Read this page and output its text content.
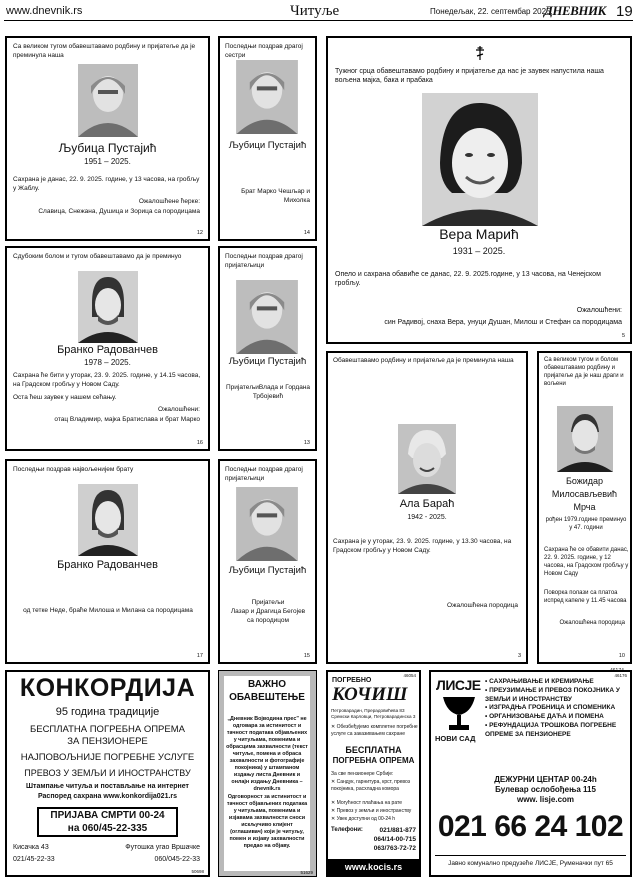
www.dnevnik.rs	Читуље	Понедељак, 22. септембар 2025.
ДНЕВНИК 19
Са великом тугом обавештавамо родбину и пријатеље да је преминула наша
Љубица Пустајић
1951 – 2025.
Сахрана је данас, 22. 9. 2025. године, у 13 часова, на гробљу у Жаблу.
Ожалошћене ћерке:
Славица, Снежана, Душица и Зорица са породицама
12
Последњи поздрав драгој сестри
Љубици Пустајић
Брат Марко Чешљар и Михолка
14
Тужног срца обавештавамо родбину и пријатеље да нас је заувек напустила наша вољена мајка, бака и прабака
Вера Марић
1931 – 2025.
Опело и сахрана обавиће се данас, 22. 9. 2025.године, у 13 часова, на Ченејском гробљу.
Ожалошћени:
син Радивој, снаха Вера, унуци Душан, Милош и Стефан са породицама
5
Сдубоким болом и тугом обавештавамо да је преминуо
Бранко Радованчев
1978 – 2025.
Сахрана ће бити у уторак, 23. 9. 2025. године, у 14.15 часова, на Градском гробљу у Новом Саду.
Оста ћеш заувек у нашем сећању.
Ожалошћени:
отац Владимир, мајка Братислава и брат Марко
16
Последњи поздрав драгој пријатељици
Љубици Пустајић
ПријатељиВлада и Гордана Трбојевић
13
Обавештавамо родбину и пријатеље да је преминула наша
Ала Бараћ
1942 - 2025.
Сахрана је у уторак, 23. 9. 2025. године, у 13.30 часова, на Градском гробљу у Новом Саду.
Ожалошћена породица
3
Са великом тугом и болом обавештавамо родбину и пријатеље да је наш драги и вољени
Божидар
Милосављевић
Мрча
рођен 1979.године преминуо у 47. години
Сахрана ће се обавити данас, 22. 9. 2025. године, у 12 часова, на Градском гробљу у Новом Саду
Поворка полази са платоа испред капеле у 11.45 часова
Ожалошћена породица
10
Последњи поздрав највољенијем брату
Бранко Радованчев
од тетке Неде, браће Милоша и Милана са породицама
17
Последњи поздрав драгој пријатељици
Љубици Пустајић
Пријатељи
Лазар и Драгица Бегојев са породицом
15
КОНКОРДИЈА
95 година традиције
БЕСПЛАТНА ПОГРЕБНА ОПРЕМА
ЗА ПЕНЗИОНЕРЕ
НАЈПОВОЉНИЈЕ ПОГРЕБНЕ УСЛУГЕ
ПРЕВОЗ У ЗЕМЉИ И ИНОСТРАНСТВУ
Штампање читуља и постављање на интернет
Распоред сахрана www.konkordija021.rs
ПРИЈАВА СМРТИ 00-24
на 060/45-22-335
Кисачка 43	Футошка угао Вршачке
021/45-22-33	060/045-22-33
50698
ВАЖНО
ОБАВЕШТЕЊЕ
„Дневник Војводина прес" не одговара за истинитост и тачност података објављених у читуљама, поменима и обрасцима захвалности (текст читуље, помена и обраса захвалности и фотографије покојника) у штампаном издању листа Дневник и онлајн издању Дневника – dnevnik.rs
Одговорност за истинитост и тачност објављених података у читуљама, поменима и изјавама захвалности сноси искључиво клијент (оглашивач) који је читуљу, помен и изјаву захвалности предао на објаву.
51629
46054
ПОГРЕБНО
КОЧИШ
Петроварадин, Прерадовићева 83 Сремски Карловци, Петроварадинска 3
✕ Обезбеђујемо комплетне погребне услуге са заказивањем сахране
БЕСПЛАТНА
ПОГРЕБНА ОПРЕМА
За све пензионере Србије:
✕ Сандук, гарнитура, крст, превоз покојника, расхладна комора
✕ Могућност плаћања на рате
✕ Превоз у земљи и иностранству
✕ Увек доступни од 00-24 h
Телефони:	021/881-877
064/14-00-715
063/763-72-72
www.kocis.rs
ЛИСЈЕ
НОВИ САД
46176
• САХРАЊИВАЊЕ И КРЕМИРАЊЕ
• ПРЕУЗИМАЊЕ И ПРЕВОЗ ПОКОЈНИКА У ЗЕМЉИ И ИНОСТРАНСТВУ
• ИЗГРАДЊА ГРОБНИЦА И СПОМЕНИКА
• ОРГАНИЗОВАЊЕ ДАЋА И ПОМЕНА
• РЕФУНДАЦИЈА ТРОШКОВА ПОГРЕБНЕ ОПРЕМЕ ЗА ПЕНЗИОНЕРЕ
ДЕЖУРНИ ЦЕНТАР 00-24h
Булевар ослобођења 115
www. lisje.com
021 66 24 102
Јавно комунално предузеће ЛИСЈЕ, Руменачки пут 65
